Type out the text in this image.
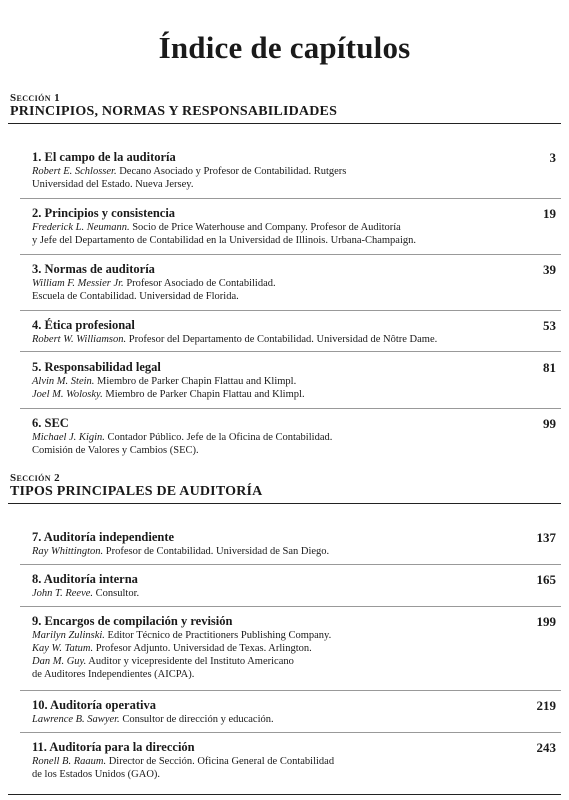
Índice de capítulos
Sección 1
PRINCIPIOS, NORMAS Y RESPONSABILIDADES
1. El campo de la auditoría	3
Robert E. Schlosser. Decano Asociado y Profesor de Contabilidad. Rutgers
Universidad del Estado. Nueva Jersey.
2. Principios y consistencia	19
Frederick L. Neumann. Socio de Price Waterhouse and Company. Profesor de Auditoría
y Jefe del Departamento de Contabilidad en la Universidad de Illinois. Urbana-Champaign.
3. Normas de auditoría	39
William F. Messier Jr. Profesor Asociado de Contabilidad.
Escuela de Contabilidad. Universidad de Florida.
4. Ética profesional	53
Robert W. Williamson. Profesor del Departamento de Contabilidad. Universidad de Nôtre Dame.
5. Responsabilidad legal	81
Alvin M. Stein. Miembro de Parker Chapin Flattau and Klimpl.
Joel M. Wolosky. Miembro de Parker Chapin Flattau and Klimpl.
6. SEC	99
Michael J. Kigin. Contador Público. Jefe de la Oficina de Contabilidad.
Comisión de Valores y Cambios (SEC).
Sección 2
TIPOS PRINCIPALES DE AUDITORÍA
7. Auditoría independiente	137
Ray Whittington. Profesor de Contabilidad. Universidad de San Diego.
8. Auditoría interna	165
John T. Reeve. Consultor.
9. Encargos de compilación y revisión	199
Marilyn Zulinski. Editor Técnico de Practitioners Publishing Company.
Kay W. Tatum. Profesor Adjunto. Universidad de Texas. Arlington.
Dan M. Guy. Auditor y vicepresidente del Instituto Americano
de Auditores Independientes (AICPA).
10. Auditoría operativa	219
Lawrence B. Sawyer. Consultor de dirección y educación.
11. Auditoría para la dirección	243
Ronell B. Raaum. Director de Sección. Oficina General de Contabilidad
de los Estados Unidos (GAO).
